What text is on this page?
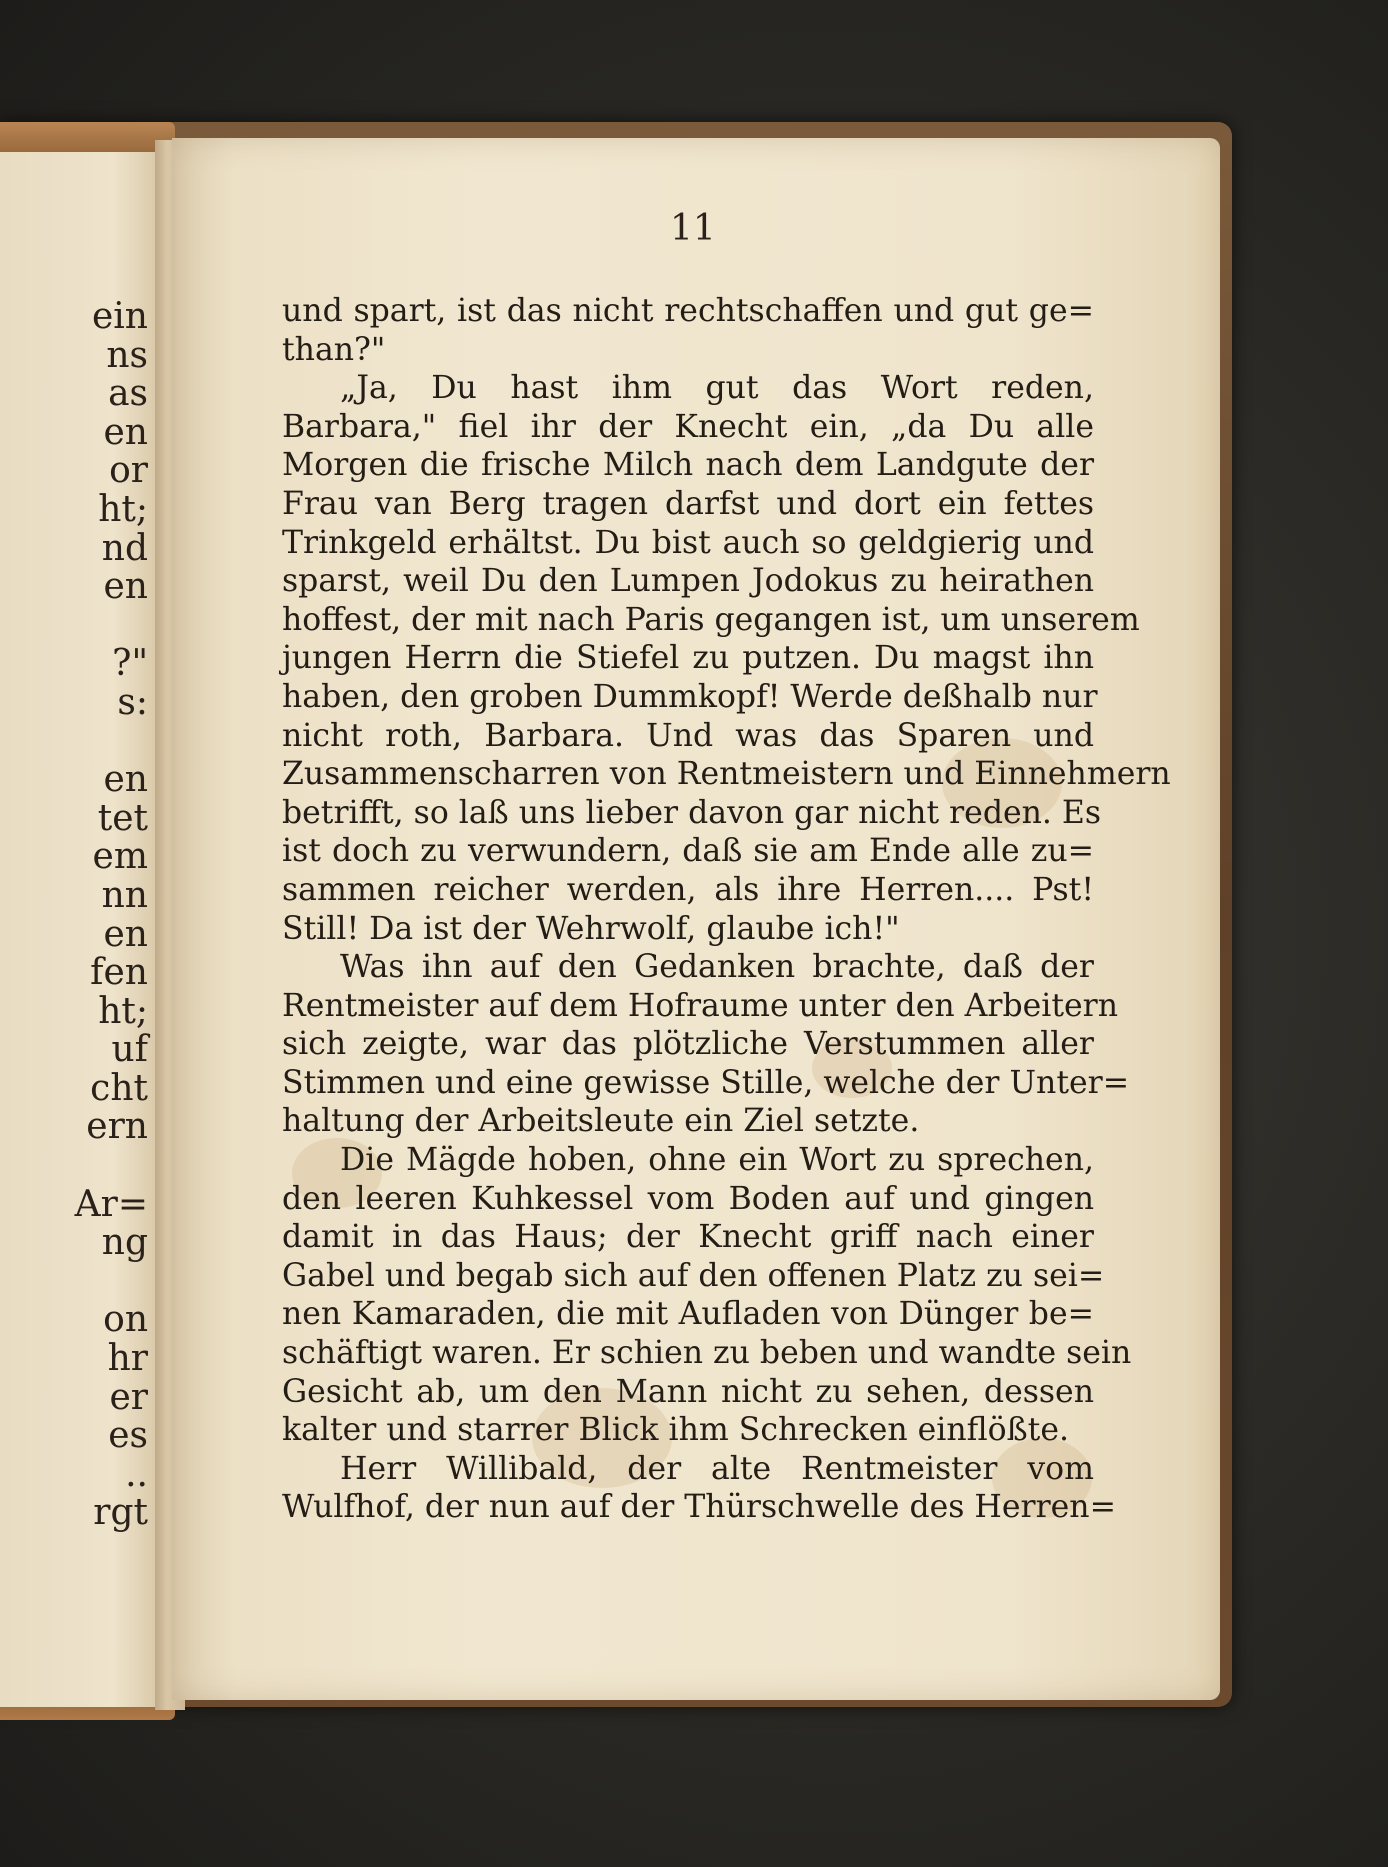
ein
ns
as
en
or
ht;
nd
en
?"
s:
en
tet
em
nn
en
fen
ht;
uf
cht
ern
Ar=
ng
on
hr
er
es
..
rgt
11
und spart, ist das nicht rechtschaffen und gut ge=
than?"
„Ja, Du hast ihm gut das Wort reden,
Barbara," fiel ihr der Knecht ein, „da Du alle
Morgen die frische Milch nach dem Landgute der
Frau van Berg tragen darfst und dort ein fettes
Trinkgeld erhältst. Du bist auch so geldgierig und
sparst, weil Du den Lumpen Jodokus zu heirathen
hoffest, der mit nach Paris gegangen ist, um unserem
jungen Herrn die Stiefel zu putzen. Du magst ihn
haben, den groben Dummkopf! Werde deßhalb nur
nicht roth, Barbara. Und was das Sparen und
Zusammenscharren von Rentmeistern und Einnehmern
betrifft, so laß uns lieber davon gar nicht reden. Es
ist doch zu verwundern, daß sie am Ende alle zu=
sammen reicher werden, als ihre Herren.... Pst!
Still! Da ist der Wehrwolf, glaube ich!"
Was ihn auf den Gedanken brachte, daß der
Rentmeister auf dem Hofraume unter den Arbeitern
sich zeigte, war das plötzliche Verstummen aller
Stimmen und eine gewisse Stille, welche der Unter=
haltung der Arbeitsleute ein Ziel setzte.
Die Mägde hoben, ohne ein Wort zu sprechen,
den leeren Kuhkessel vom Boden auf und gingen
damit in das Haus; der Knecht griff nach einer
Gabel und begab sich auf den offenen Platz zu sei=
nen Kamaraden, die mit Aufladen von Dünger be=
schäftigt waren. Er schien zu beben und wandte sein
Gesicht ab, um den Mann nicht zu sehen, dessen
kalter und starrer Blick ihm Schrecken einflößte.
Herr Willibald, der alte Rentmeister vom
Wulfhof, der nun auf der Thürschwelle des Herren=
